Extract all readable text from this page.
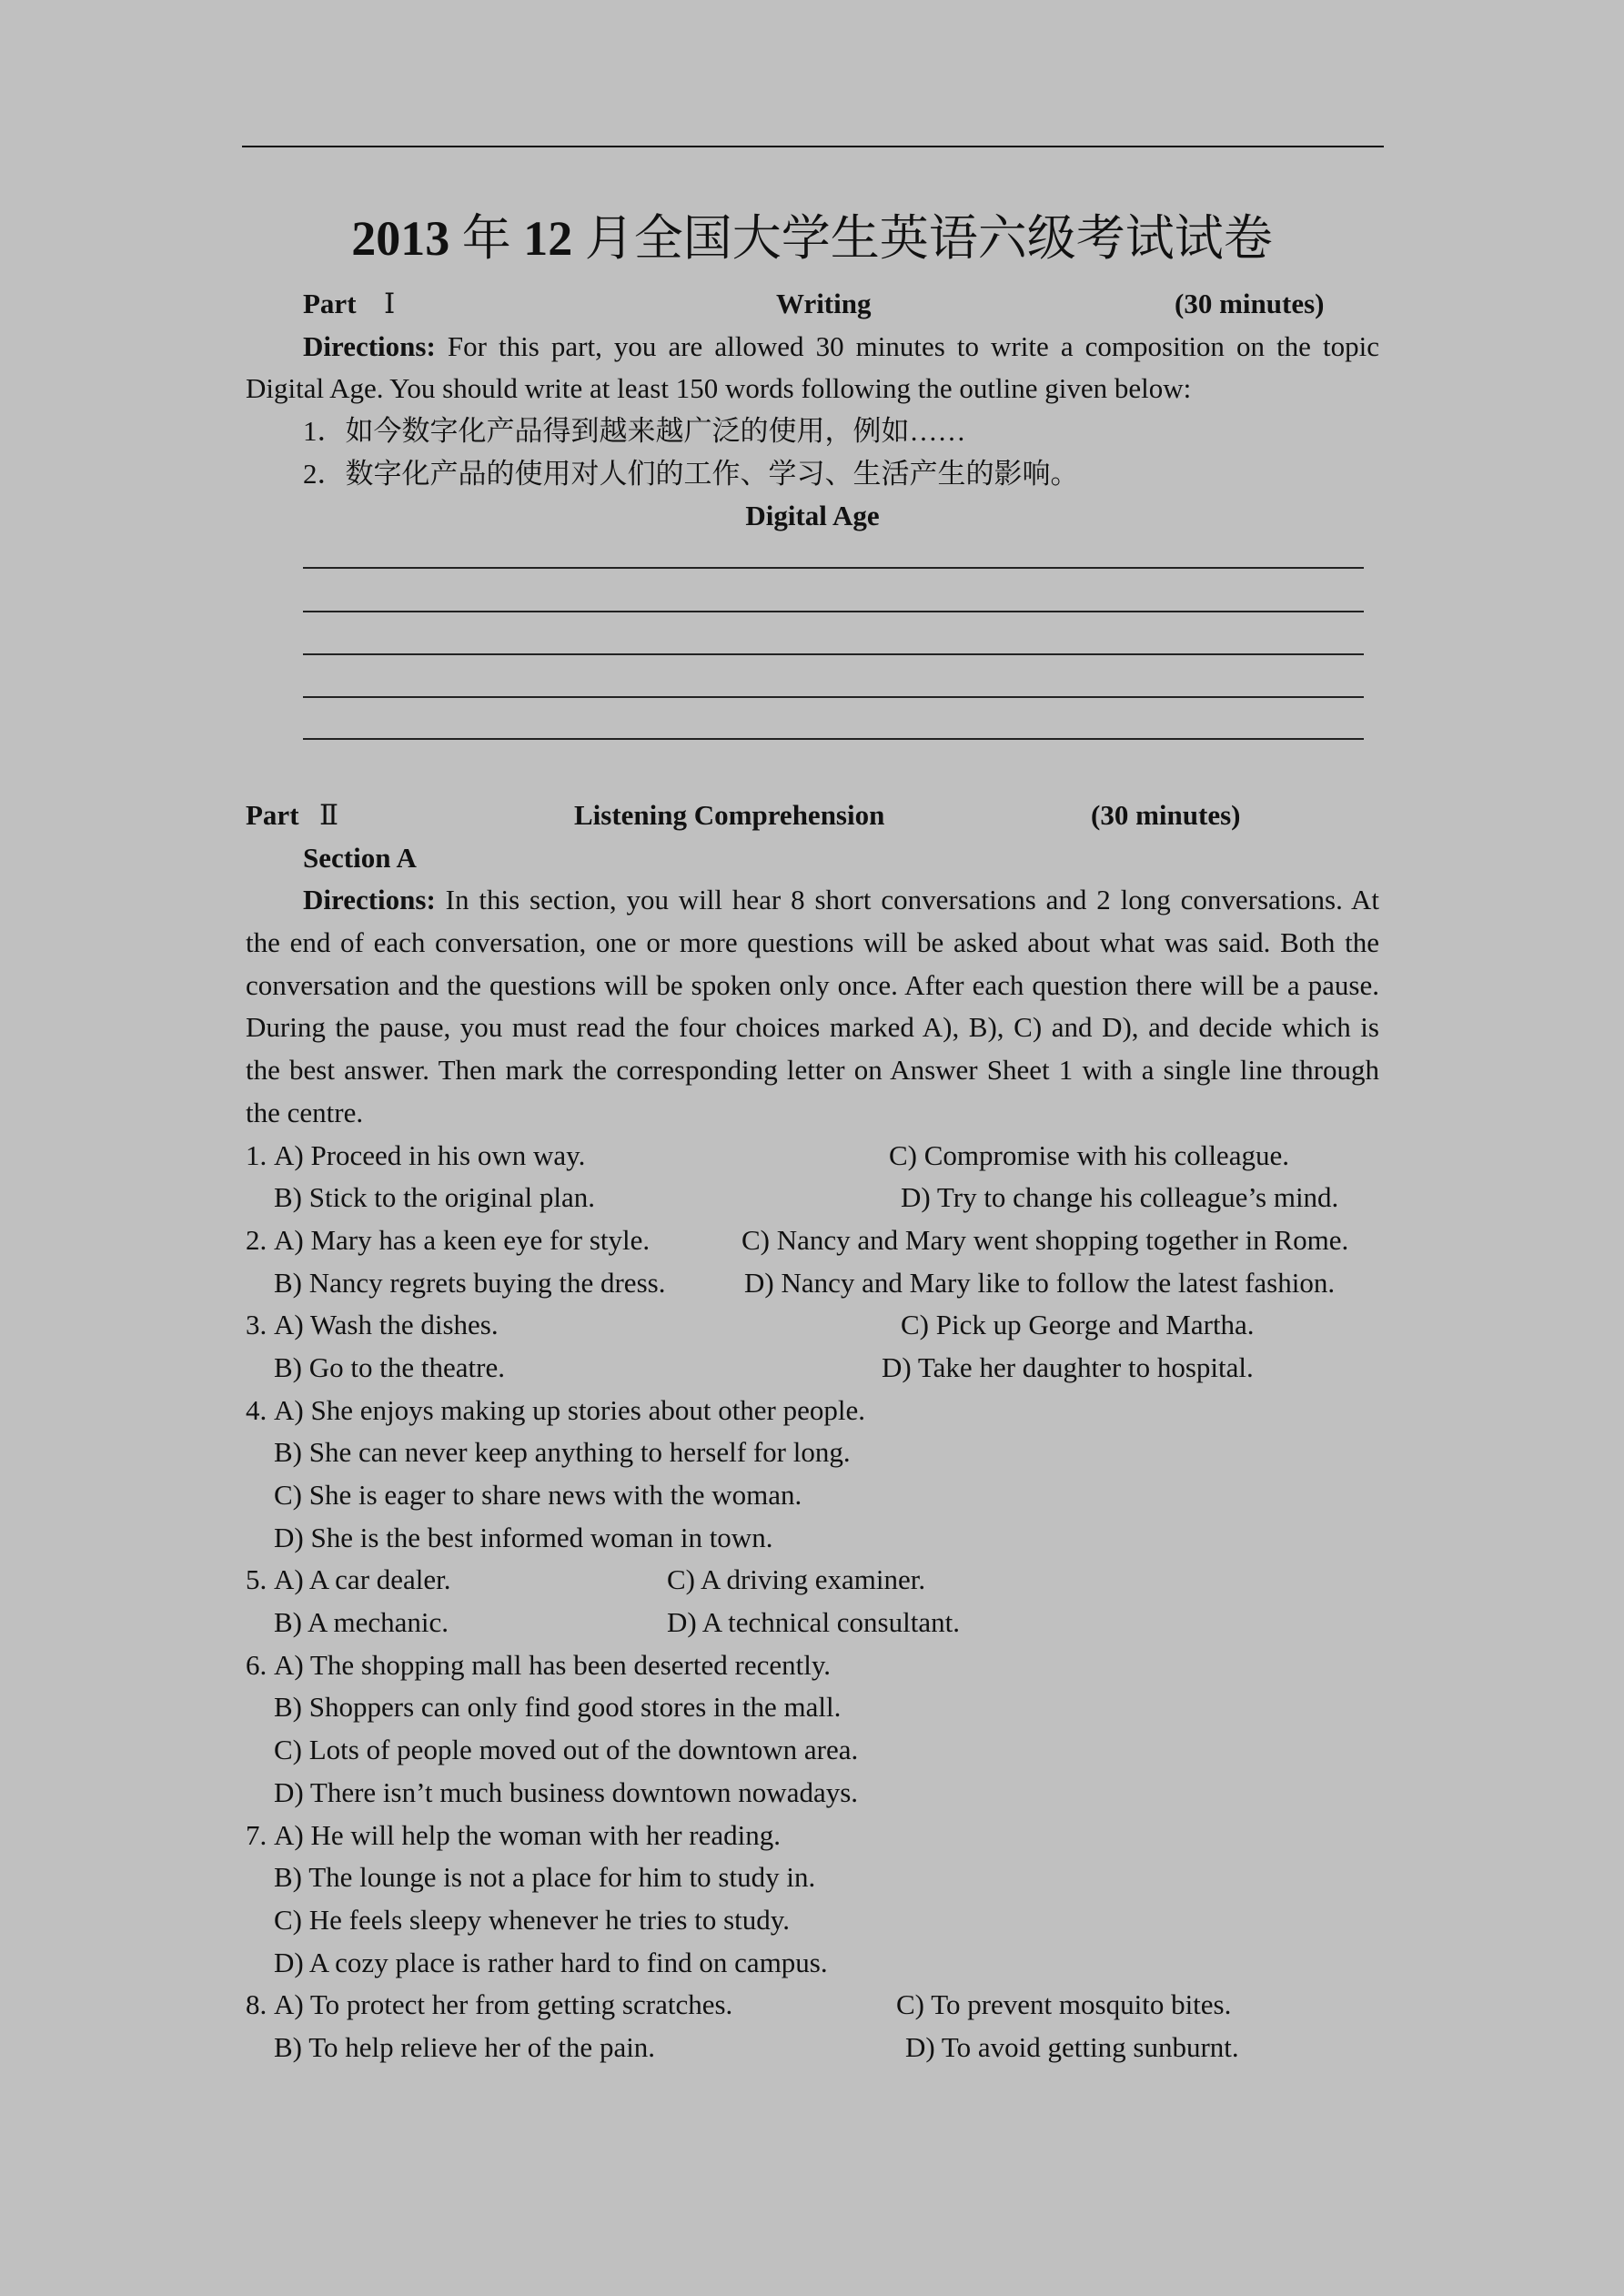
2013 年 12 月全国大学生英语六级考试试卷
Part Ⅰ	Writing	(30 minutes)
Directions: For this part, you are allowed 30 minutes to write a composition on the topic
Digital Age. You should write at least 150 words following the outline given below:
1．如今数字化产品得到越来越广泛的使用，例如……
2．数字化产品的使用对人们的工作、学习、生活产生的影响。
Digital Age
Part Ⅱ	Listening Comprehension	(30 minutes)
Section A
Directions: In this section, you will hear 8 short conversations and 2 long conversations. At
the end of each conversation, one or more questions will be asked about what was said. Both the
conversation and the questions will be spoken only once. After each question there will be a pause.
During the pause, you must read the four choices marked A), B), C) and D), and decide which is
the best answer. Then mark the corresponding letter on Answer Sheet 1 with a single line through
the centre.
1. A) Proceed in his own way.	C) Compromise with his colleague.
B) Stick to the original plan.	D) Try to change his colleague’s mind.
2. A) Mary has a keen eye for style.	C) Nancy and Mary went shopping together in Rome.
B) Nancy regrets buying the dress.	D) Nancy and Mary like to follow the latest fashion.
3. A) Wash the dishes.	C) Pick up George and Martha.
B) Go to the theatre.	D) Take her daughter to hospital.
4. A) She enjoys making up stories about other people.
B) She can never keep anything to herself for long.
C) She is eager to share news with the woman.
D) She is the best informed woman in town.
5. A) A car dealer.	C) A driving examiner.
B) A mechanic.	D) A technical consultant.
6. A) The shopping mall has been deserted recently.
B) Shoppers can only find good stores in the mall.
C) Lots of people moved out of the downtown area.
D) There isn’t much business downtown nowadays.
7. A) He will help the woman with her reading.
B) The lounge is not a place for him to study in.
C) He feels sleepy whenever he tries to study.
D) A cozy place is rather hard to find on campus.
8. A) To protect her from getting scratches.	C) To prevent mosquito bites.
B) To help relieve her of the pain.	D) To avoid getting sunburnt.
